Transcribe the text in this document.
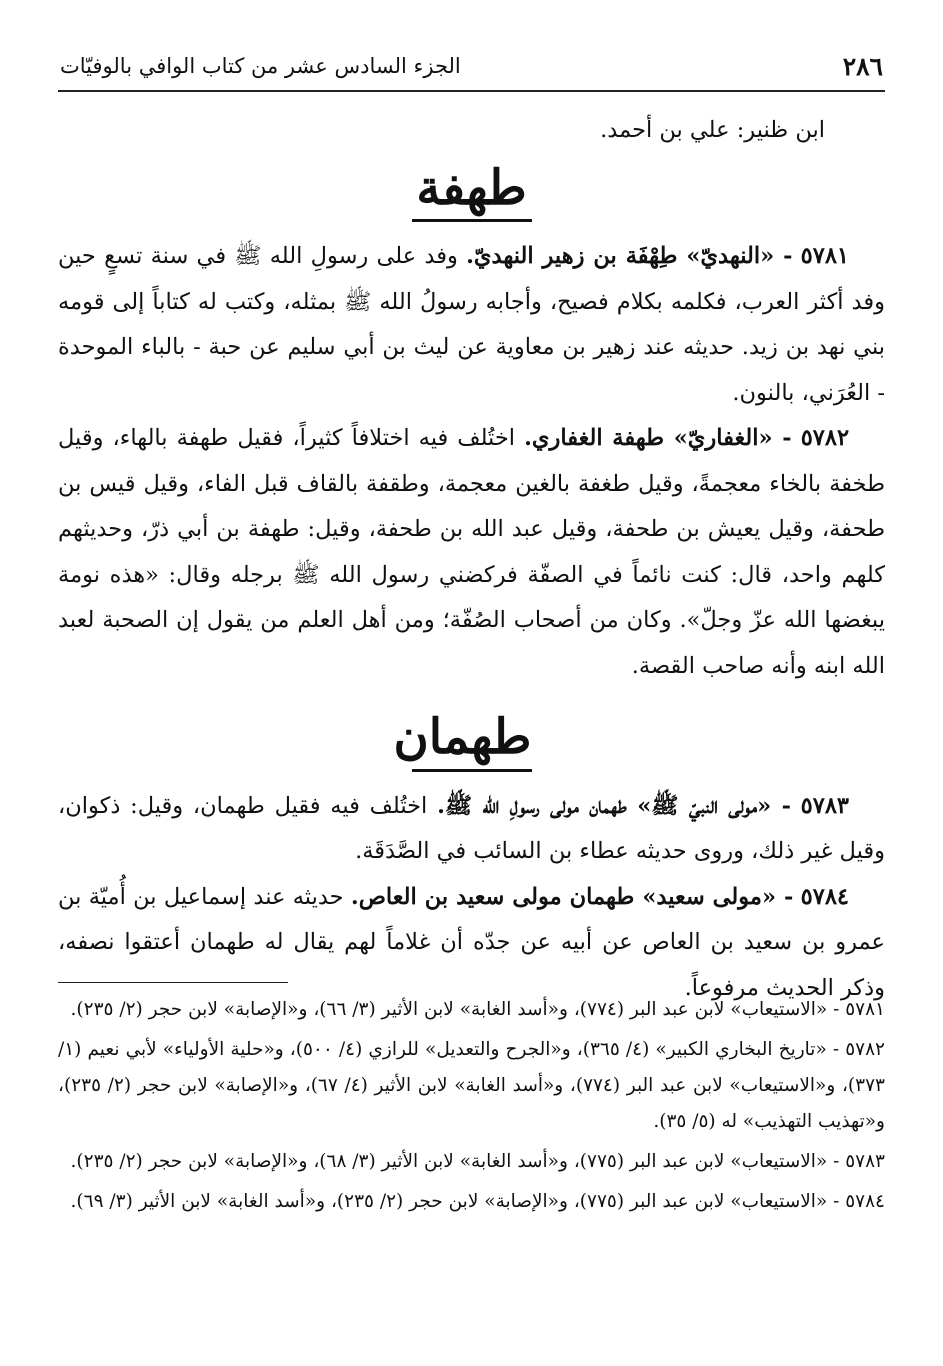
٢٨٦
الجزء السادس عشر من كتاب الوافي بالوفيّات

ابن ظنير: علي بن أحمد.

طهفة

٥٧٨١ - «النهديّ» طِهْفَة بن زهير النهديّ. وفد على رسولِ الله ﷺ في سنة تسعٍ حين وفد أكثر العرب، فكلمه بكلام فصيح، وأجابه رسولُ الله ﷺ بمثله، وكتب له كتاباً إلى قومه بني نهد بن زيد. حديثه عند زهير بن معاوية عن ليث بن أبي سليم عن حبة - بالباء الموحدة - العُرَني، بالنون.

٥٧٨٢ - «الغفاريّ» طهفة الغفاري. اختُلف فيه اختلافاً كثيراً، فقيل طهفة بالهاء، وقيل طخفة بالخاء معجمةً، وقيل طغفة بالغين معجمة، وطقفة بالقاف قبل الفاء، وقيل قيس بن طحفة، وقيل يعيش بن طحفة، وقيل عبد الله بن طحفة، وقيل: طهفة بن أبي ذرّ، وحديثهم كلهم واحد، قال: كنت نائماً في الصفّة فركضني رسول الله ﷺ برجله وقال: «هذه نومة يبغضها الله عزّ وجلّ». وكان من أصحاب الصُفّة؛ ومن أهل العلم من يقول إن الصحبة لعبد الله ابنه وأنه صاحب القصة.

طهمان

٥٧٨٣ - «مولى النبيّ ﷺ» طهمان مولى رسولِ الله ﷺ. اختُلف فيه فقيل طهمان، وقيل: ذكوان، وقيل غير ذلك، وروى حديثه عطاء بن السائب في الصَّدَقَة.

٥٧٨٤ - «مولى سعيد» طهمان مولى سعيد بن العاص. حديثه عند إسماعيل بن أُميّة بن عمرو بن سعيد بن العاص عن أبيه عن جدّه أن غلاماً لهم يقال له طهمان أعتقوا نصفه، وذكر الحديث مرفوعاً.

٥٧٨١ - «الاستيعاب» لابن عبد البر (٧٧٤)، و«أسد الغابة» لابن الأثير (٣/ ٦٦)، و«الإصابة» لابن حجر (٢/ ٢٣٥).

٥٧٨٢ - «تاريخ البخاري الكبير» (٤/ ٣٦٥)، و«الجرح والتعديل» للرازي (٤/ ٥٠٠)، و«حلية الأولياء» لأبي نعيم (١/ ٣٧٣)، و«الاستيعاب» لابن عبد البر (٧٧٤)، و«أسد الغابة» لابن الأثير (٤/ ٦٧)، و«الإصابة» لابن حجر (٢/ ٢٣٥)، و«تهذيب التهذيب» له (٥/ ٣٥).

٥٧٨٣ - «الاستيعاب» لابن عبد البر (٧٧٥)، و«أسد الغابة» لابن الأثير (٣/ ٦٨)، و«الإصابة» لابن حجر (٢/ ٢٣٥).

٥٧٨٤ - «الاستيعاب» لابن عبد البر (٧٧٥)، و«الإصابة» لابن حجر (٢/ ٢٣٥)، و«أسد الغابة» لابن الأثير (٣/ ٦٩).
